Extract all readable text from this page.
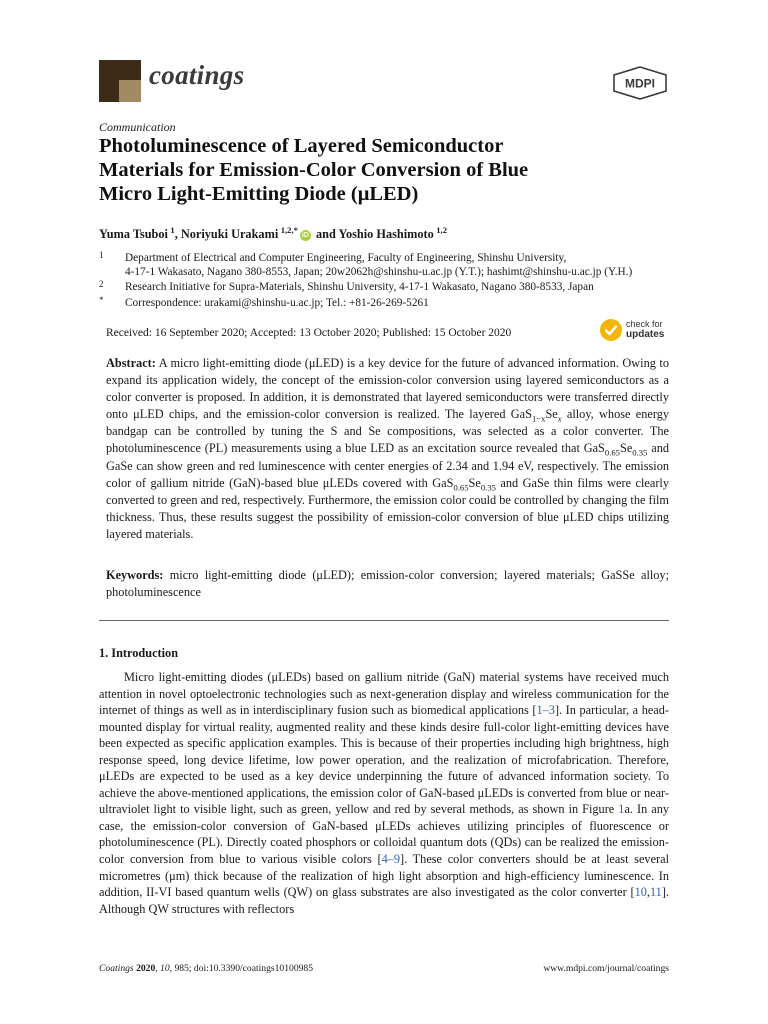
coatings	MDPI
Communication
Photoluminescence of Layered Semiconductor
Materials for Emission-Color Conversion of Blue
Micro Light-Emitting Diode (μLED)
Yuma Tsuboi  $^1$, Noriyuki Urakami  $^{1,2,*}$iD and Yoshio Hashimoto  $^{1,2}$
1 Department of Electrical and Computer Engineering, Faculty of Engineering, Shinshu University,
4-17-1 Wakasato, Nagano 380-8553, Japan; 20w2062h@shinshu-u.ac.jp (Y.T.); hashimt@shinshu-u.ac.jp (Y.H.)
2 Research Initiative for Supra-Materials, Shinshu University, 4-17-1 Wakasato, Nagano 380-8533, Japan
* Correspondence: urakami@shinshu-u.ac.jp; Tel.: +81-26-269-5261
Received: 16 September 2020; Accepted: 13 October 2020; Published: 15 October 2020
check for
updates

Abstract: A micro light-emitting diode (μLED) is a key device for the future of advanced information. Owing to expand its application widely, the concept of the emission-color conversion using layered semiconductors as a color converter is proposed. In addition, it is demonstrated that layered semiconductors were transferred directly onto μLED chips, and the emission-color conversion is realized. The layered $GaS_{1-x}Se_x$ alloy, whose energy bandgap can be controlled by tuning the S and Se compositions, was selected as a color converter. The photoluminescence (PL) measurements using a blue LED as an excitation source revealed that $GaS_{0.65}Se_{0.35}$ and GaSe can show green and red luminescence with center energies of 2.34 and 1.94 eV, respectively. The emission color of gallium nitride (GaN)-based blue μLEDs covered with $GaS_{0.65}Se_{0.35}$ and GaSe thin films were clearly converted to green and red, respectively. Furthermore, the emission color could be controlled by changing the film thickness. Thus, these results suggest the possibility of emission-color conversion of blue μLED chips utilizing layered materials.

Keywords: micro light-emitting diode (μLED); emission-color conversion; layered materials; GaSSe alloy; photoluminescence

1. Introduction

Micro light-emitting diodes (μLEDs) based on gallium nitride (GaN) material systems have received much attention in novel optoelectronic technologies such as next-generation display and wireless communication for the internet of things as well as in interdisciplinary fusion such as biomedical applications [1–3]. In particular, a head-mounted display for virtual reality, augmented reality and these kinds desire full-color light-emitting devices have been expected as specific application examples. This is because of their properties including high brightness, high response speed, long device lifetime, low power operation, and the realization of microfabrication. Therefore, μLEDs are expected to be used as a key device underpinning the future of advanced information society. To achieve the above-mentioned applications, the emission color of GaN-based μLEDs is converted from blue or near-ultraviolet light to visible light, such as green, yellow and red by several methods, as shown in Figure 1a. In any case, the emission-color conversion of GaN-based μLEDs achieves utilizing principles of fluorescence or photoluminescence (PL). Directly coated phosphors or colloidal quantum dots (QDs) can be realized the emission-color conversion from blue to various visible colors [4–9]. These color converters should be at least several micrometres (μm) thick because of the realization of high light absorption and high-efficiency luminescence. In addition, II-VI based quantum wells (QW) on glass substrates are also investigated as the color converter [10,11]. Although QW structures with reflectors

Coatings 2020, 10, 985; doi:10.3390/coatings10100985	www.mdpi.com/journal/coatings
